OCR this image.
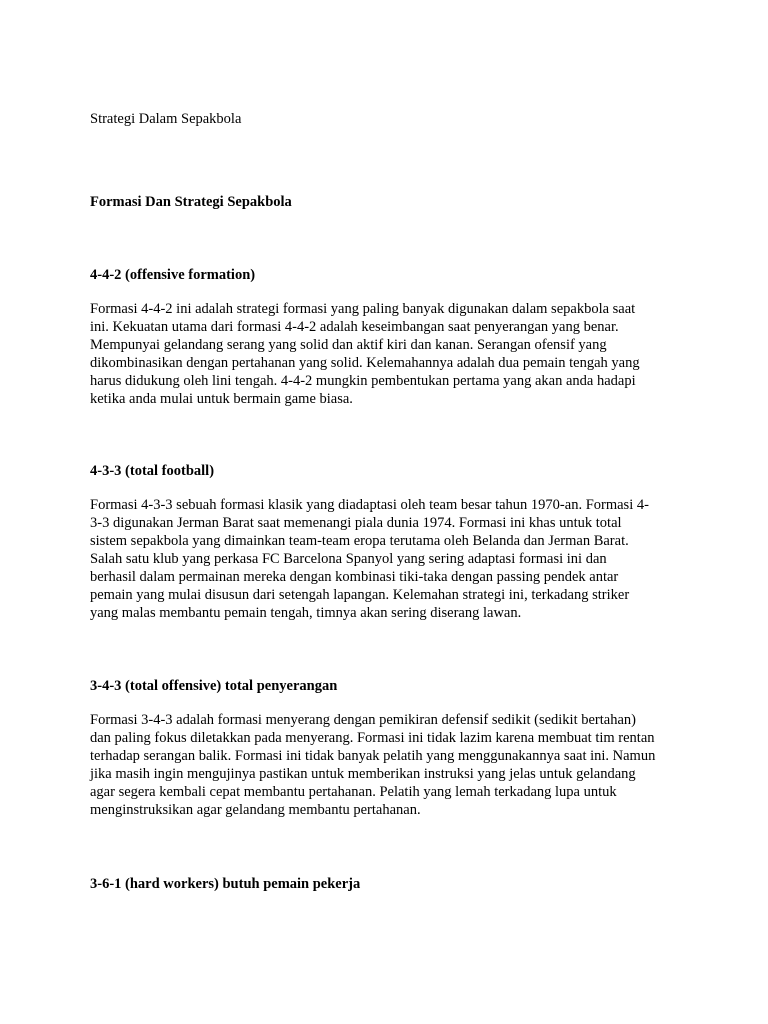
Strategi Dalam Sepakbola
Formasi Dan Strategi Sepakbola
4-4-2 (offensive formation)
Formasi 4-4-2 ini adalah strategi formasi yang paling banyak digunakan dalam sepakbola saat
ini. Kekuatan utama dari formasi 4-4-2 adalah keseimbangan saat penyerangan yang benar.
Mempunyai gelandang serang yang solid dan aktif kiri dan kanan. Serangan ofensif yang
dikombinasikan dengan pertahanan yang solid. Kelemahannya adalah dua pemain tengah yang
harus didukung oleh lini tengah. 4-4-2 mungkin pembentukan pertama yang akan anda hadapi
ketika anda mulai untuk bermain game biasa.
4-3-3 (total football)
Formasi 4-3-3 sebuah formasi klasik yang diadaptasi oleh team besar tahun 1970-an. Formasi 4-
3-3 digunakan Jerman Barat saat memenangi piala dunia 1974. Formasi ini khas untuk total
sistem sepakbola yang dimainkan team-team eropa terutama oleh Belanda dan Jerman Barat.
Salah satu klub yang perkasa FC Barcelona Spanyol yang sering adaptasi formasi ini dan
berhasil dalam permainan mereka dengan kombinasi tiki-taka dengan passing pendek antar
pemain yang mulai disusun dari setengah lapangan. Kelemahan strategi ini, terkadang striker
yang malas membantu pemain tengah, timnya akan sering diserang lawan.
3-4-3 (total offensive) total penyerangan
Formasi 3-4-3 adalah formasi menyerang dengan pemikiran defensif sedikit (sedikit bertahan)
dan paling fokus diletakkan pada menyerang. Formasi ini tidak lazim karena membuat tim rentan
terhadap serangan balik. Formasi ini tidak banyak pelatih yang menggunakannya saat ini. Namun
jika masih ingin mengujinya pastikan untuk memberikan instruksi yang jelas untuk gelandang
agar segera kembali cepat membantu pertahanan. Pelatih yang lemah terkadang lupa untuk
menginstruksikan agar gelandang membantu pertahanan.
3-6-1 (hard workers) butuh pemain pekerja
